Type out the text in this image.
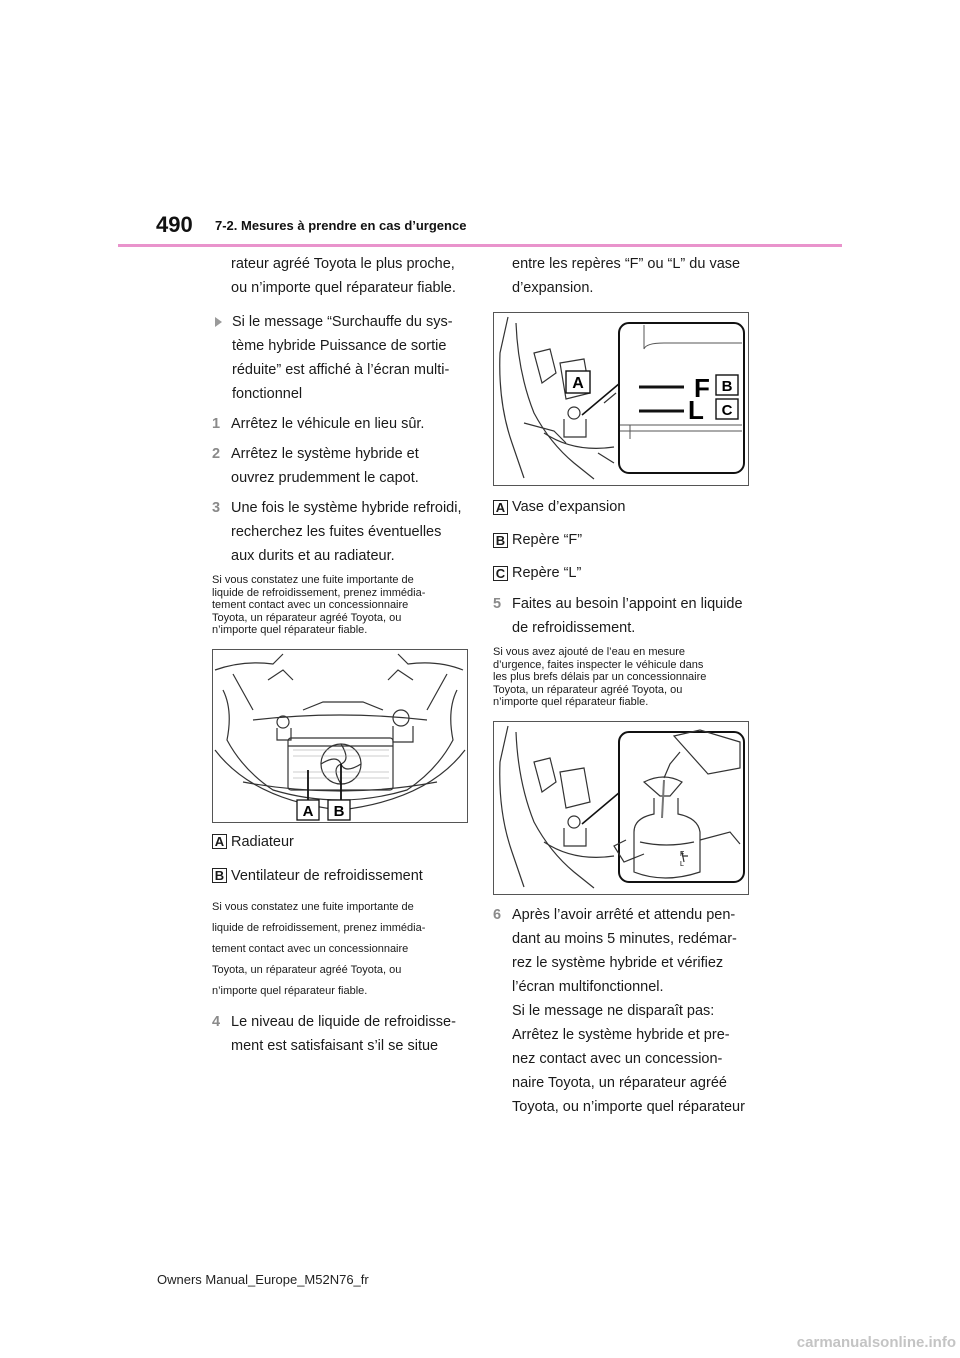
490 7-2. Mesures à prendre en cas d’urgence

rateur agréé Toyota le plus proche,

ou n’importe quel réparateur fiable.

Si le message “Surchauffe du sys-

tème hybride Puissance de sortie

réduite” est affiché à l’écran multi-

fonctionnel

1 Arrêtez le véhicule en lieu sûr.

2 Arrêtez le système hybride et

ouvrez prudemment le capot.

3 Une fois le système hybride refroidi,

recherchez les fuites éventuelles

aux durits et au radiateur.

Si vous constatez une fuite importante de

liquide de refroidissement, prenez immédia-

tement contact avec un concessionnaire

Toyota, un réparateur agréé Toyota, ou

n’importe quel réparateur fiable.

A B
A Radiateur
B Ventilateur de refroidissement

Si vous constatez une fuite importante de

liquide de refroidissement, prenez immédia-

tement contact avec un concessionnaire

Toyota, un réparateur agréé Toyota, ou

n’importe quel réparateur fiable.

4 Le niveau de liquide de refroidisse-

ment est satisfaisant s’il se situe

entre les repères “F” ou “L” du vase

d’expansion.

F
L
A	B
C
A Vase d’expansion
B Repère “F”
C Repère “L”
5 Faites au besoin l’appoint en liquide

de refroidissement.

Si vous avez ajouté de l’eau en mesure

d’urgence, faites inspecter le véhicule dans

les plus brefs délais par un concessionnaire

Toyota, un réparateur agréé Toyota, ou

n’importe quel réparateur fiable.

F
L
6 Après l’avoir arrêté et attendu pen-

dant au moins 5 minutes, redémar-

rez le système hybride et vérifiez

l’écran multifonctionnel.

Si le message ne disparaît pas:

Arrêtez le système hybride et pre-

nez contact avec un concession-

naire Toyota, un réparateur agréé

Toyota, ou n’importe quel réparateur

Owners Manual_Europe_M52N76_fr
carmanualsonline.info
